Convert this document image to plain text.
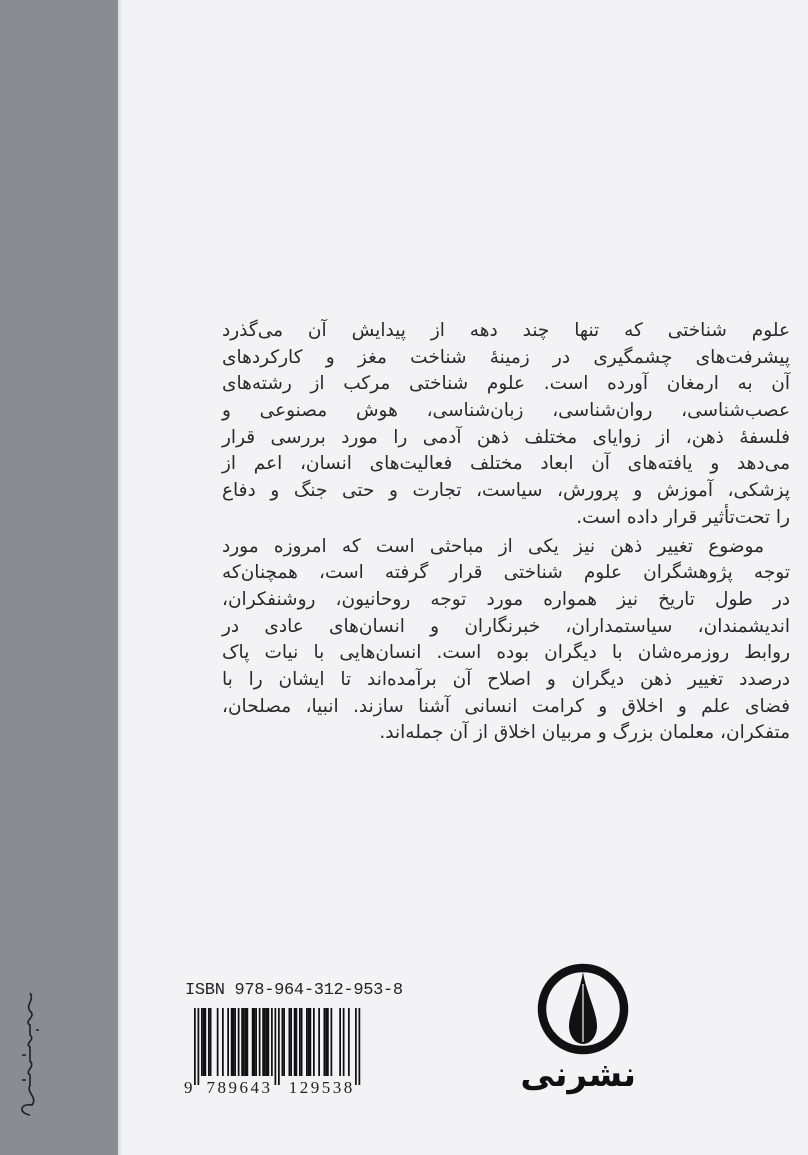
علوم شناختی که تنها چند دهه از پیدایش آن می‌گذرد
پیشرفت‌های چشمگیری در زمینهٔ شناخت مغز و کارکردهای
آن به ارمغان آورده است. علوم شناختی مرکب از رشته‌های
عصب‌شناسی، روان‌شناسی، زبان‌شناسی، هوش مصنوعی و
فلسفهٔ ذهن، از زوایای مختلف ذهن آدمی را مورد بررسی قرار
می‌دهد و یافته‌های آن ابعاد مختلف فعالیت‌های انسان، اعم از
پزشکی، آموزش و پرورش، سیاست، تجارت و حتی جنگ و دفاع
را تحت‌تأثیر قرار داده است.
موضوع تغییر ذهن نیز یکی از مباحثی است که امروزه مورد
توجه پژوهشگران علوم شناختی قرار گرفته است، همچنان‌که
در طول تاریخ نیز همواره مورد توجه روحانیون، روشنفکران،
اندیشمندان، سیاستمداران، خبرنگاران و انسان‌های عادی در
روابط روزمره‌شان با دیگران بوده است. انسان‌هایی با نیات پاک
درصدد تغییر ذهن دیگران و اصلاح آن برآمده‌اند تا ایشان را با
فضای علم و اخلاق و کرامت انسانی آشنا سازند. انبیا، مصلحان،
متفکران، معلمان بزرگ و مربیان اخلاق از آن جمله‌اند.
ISBN 978-964-312-953-8
9 789643 129538	نشرنی
